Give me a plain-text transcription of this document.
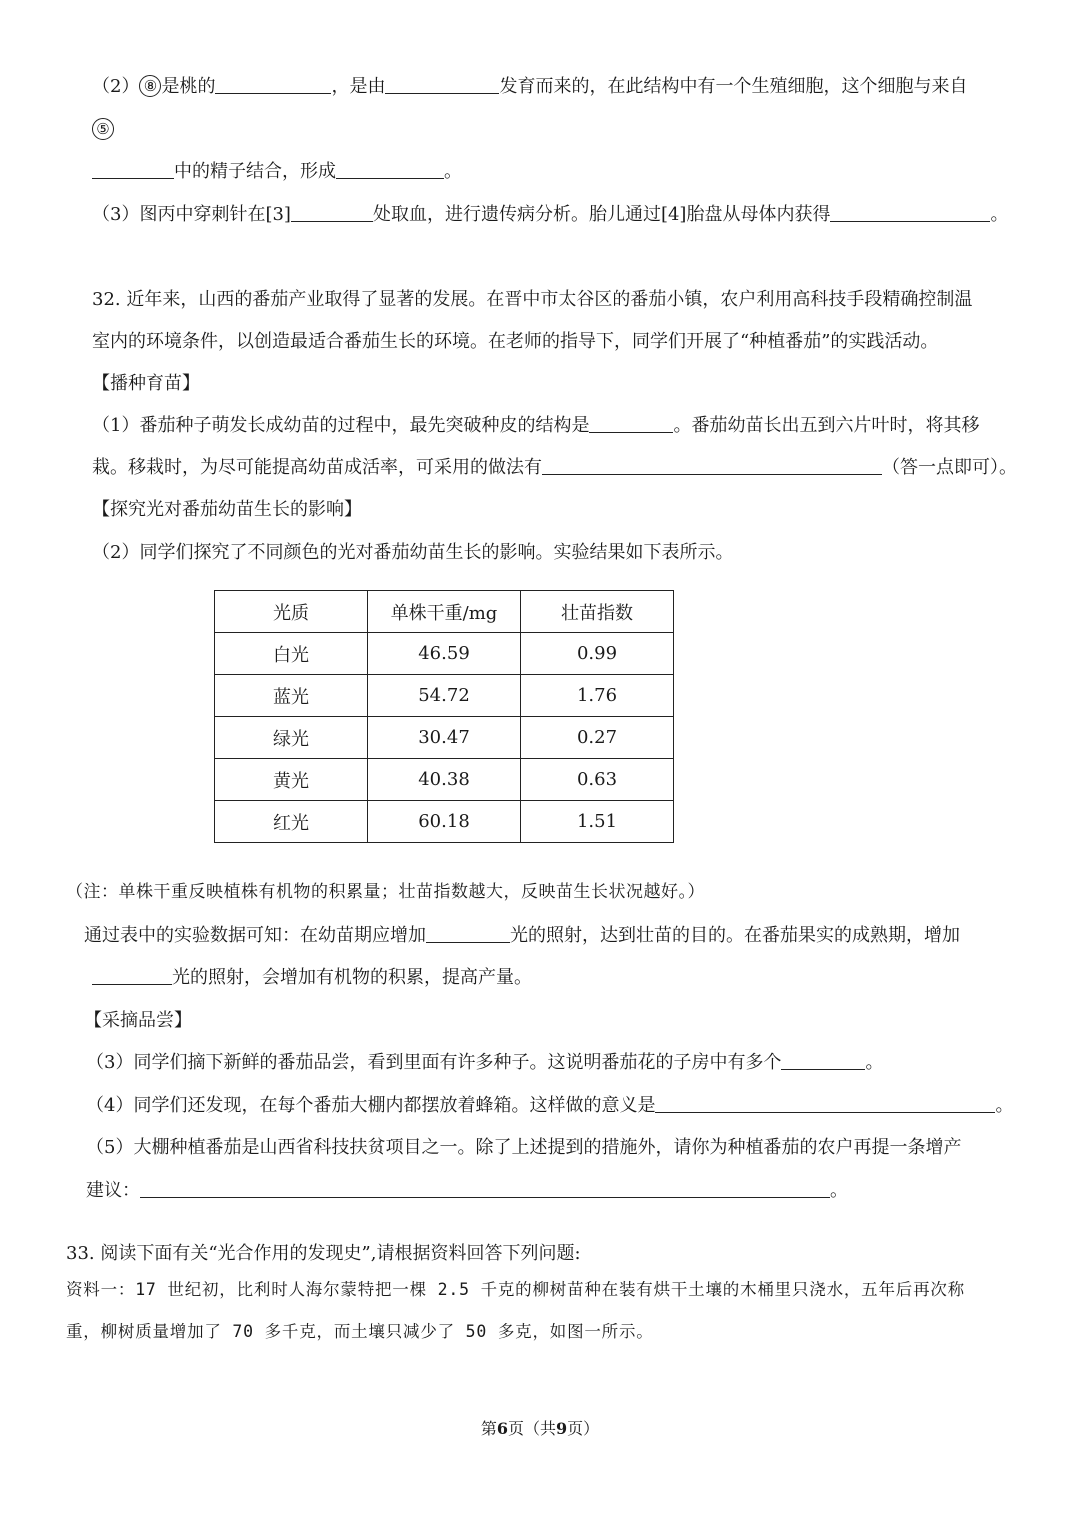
（2） ⑧ 是桃的	，是由	发育而来的，在此结构中有一个生殖细胞，这个细胞与来自
⑤
中的精子结合，形成	。
（3）图丙中穿刺针在[3]	处取血，进行遗传病分析。胎儿通过[4]胎盘从母体内获得	。
32. 近年来，山西的番茄产业取得了显著的发展。在晋中市太谷区的番茄小镇，农户利用高科技手段精确控制温
室内的环境条件，以创造最适合番茄生长的环境。在老师的指导下，同学们开展了“种植番茄”的实践活动。
【播种育苗】
（1）番茄种子萌发长成幼苗的过程中，最先突破种皮的结构是	。番茄幼苗长出五到六片叶时，将其移
栽。移栽时，为尽可能提高幼苗成活率，可采用的做法有	（答一点即可）。
【探究光对番茄幼苗生长的影响】
（2）同学们探究了不同颜色的光对番茄幼苗生长的影响。实验结果如下表所示。
光质	单株干重/mg	壮苗指数
白光	46.59	0.99
蓝光	54.72	1.76
绿光	30.47	0.27
黄光	40.38	0.63
红光	60.18	1.51
（注：单株干重反映植株有机物的积累量；壮苗指数越大，反映苗生长状况越好。）
通过表中的实验数据可知：在幼苗期应增加	光的照射，达到壮苗的目的。在番茄果实的成熟期，增加
光的照射，会增加有机物的积累，提高产量。
【采摘品尝】
（3）同学们摘下新鲜的番茄品尝，看到里面有许多种子。这说明番茄花的子房中有多个	。
（4）同学们还发现，在每个番茄大棚内都摆放着蜂箱。这样做的意义是	。
（5）大棚种植番茄是山西省科技扶贫项目之一。除了上述提到的措施外，请你为种植番茄的农户再提一条增产
建议：	。
33. 阅读下面有关“光合作用的发现史”,请根据资料回答下列问题:
资料一：17 世纪初，比利时人海尔蒙特把一棵 2.5 千克的柳树苗种在装有烘干土壤的木桶里只浇水，五年后再次称
重，柳树质量增加了 70 多千克，而土壤只减少了 50 多克，如图一所示。
第6页（共9页）
